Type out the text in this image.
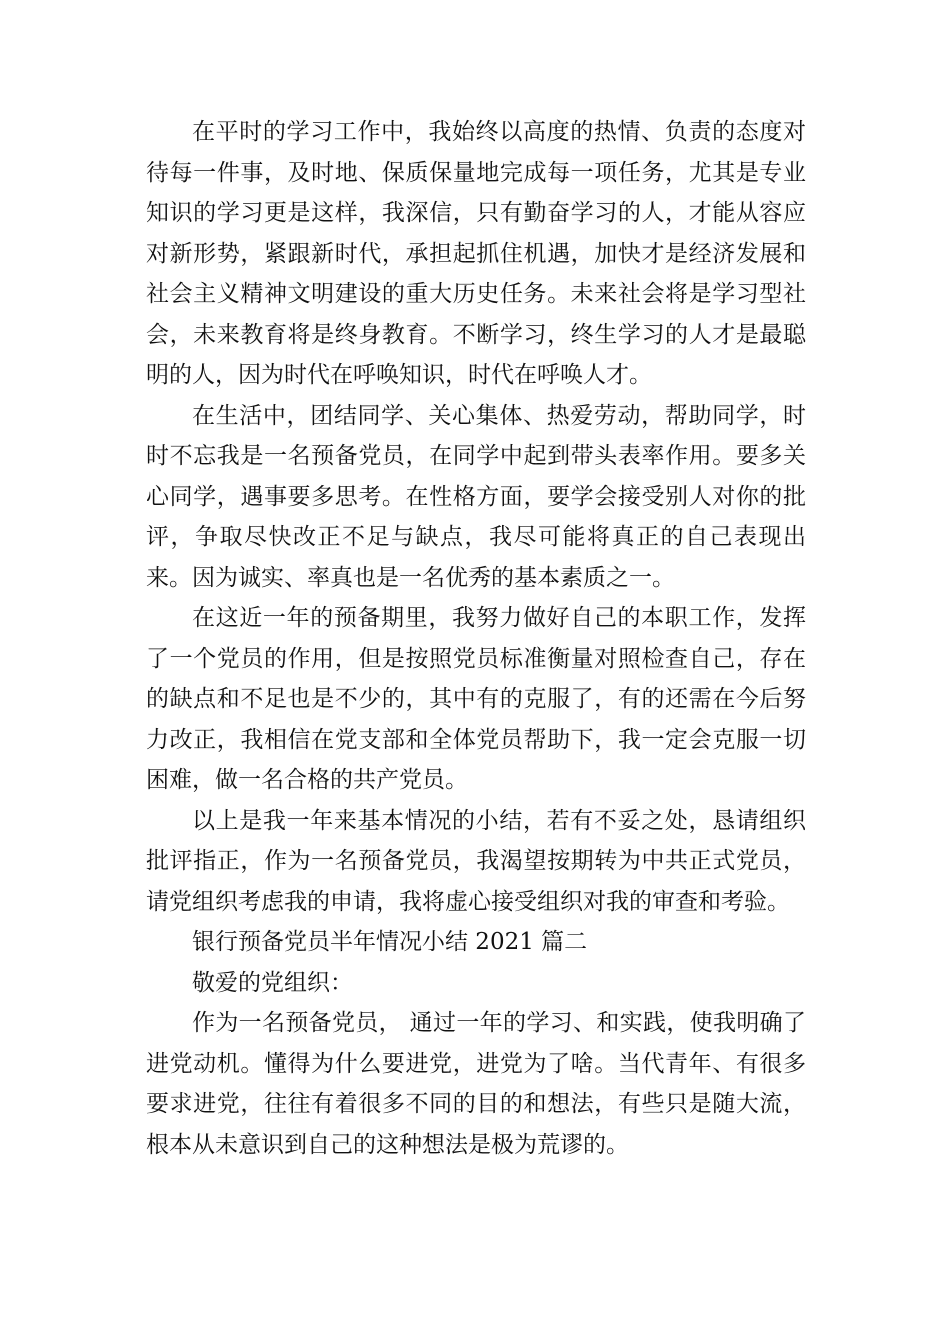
在平时的学习工作中，我始终以高度的热情、负责的态度对待每一件事，及时地、保质保量地完成每一项任务，尤其是专业知识的学习更是这样，我深信，只有勤奋学习的人，才能从容应对新形势，紧跟新时代，承担起抓住机遇，加快才是经济发展和社会主义精神文明建设的重大历史任务。未来社会将是学习型社会，未来教育将是终身教育。不断学习，终生学习的人才是最聪明的人，因为时代在呼唤知识，时代在呼唤人才。

在生活中，团结同学、关心集体、热爱劳动，帮助同学，时时不忘我是一名预备党员，在同学中起到带头表率作用。要多关心同学，遇事要多思考。在性格方面，要学会接受别人对你的批评，争取尽快改正不足与缺点，我尽可能将真正的自己表现出来。因为诚实、率真也是一名优秀的基本素质之一。

在这近一年的预备期里，我努力做好自己的本职工作，发挥了一个党员的作用，但是按照党员标准衡量对照检查自己，存在的缺点和不足也是不少的，其中有的克服了，有的还需在今后努力改正，我相信在党支部和全体党员帮助下，我一定会克服一切困难，做一名合格的共产党员。

以上是我一年来基本情况的小结，若有不妥之处，恳请组织批评指正，作为一名预备党员，我渴望按期转为中共正式党员，请党组织考虑我的申请，我将虚心接受组织对我的审查和考验。

银行预备党员半年情况小结 2021 篇二

敬爱的党组织：

作为一名预备党员， 通过一年的学习、和实践，使我明确了进党动机。懂得为什么要进党，进党为了啥。当代青年、有很多要求进党，往往有着很多不同的目的和想法，有些只是随大流，根本从未意识到自己的这种想法是极为荒谬的。
